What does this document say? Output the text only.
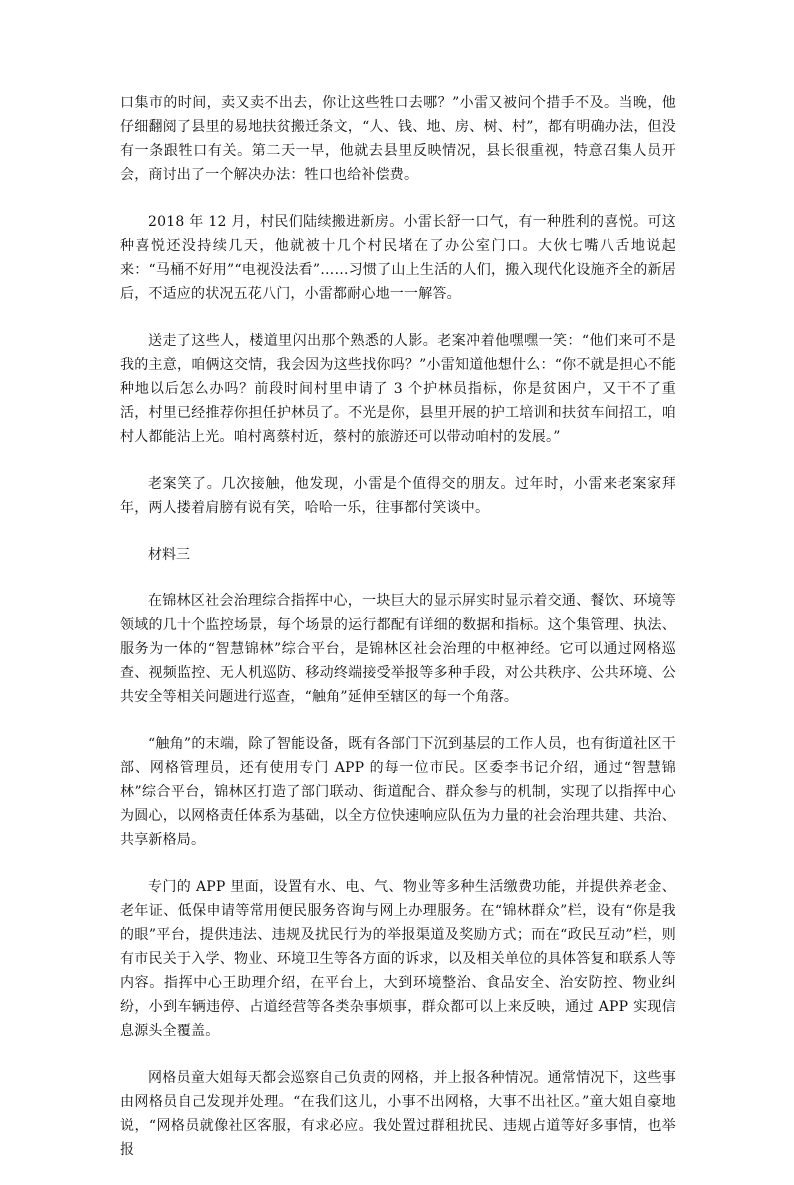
口集市的时间，卖又卖不出去，你让这些牲口去哪？”小雷又被问个措手不及。当晚，他仔细翻阅了县里的易地扶贫搬迁条文，“人、钱、地、房、树、村”，都有明确办法，但没有一条跟牲口有关。第二天一早，他就去县里反映情况，县长很重视，特意召集人员开会，商讨出了一个解决办法：牲口也给补偿费。

2018 年 12 月，村民们陆续搬进新房。小雷长舒一口气，有一种胜利的喜悦。可这种喜悦还没持续几天，他就被十几个村民堵在了办公室门口。大伙七嘴八舌地说起来：“马桶不好用”“电视没法看”……习惯了山上生活的人们，搬入现代化设施齐全的新居后，不适应的状况五花八门，小雷都耐心地一一解答。

送走了这些人，楼道里闪出那个熟悉的人影。老案冲着他嘿嘿一笑：“他们来可不是我的主意，咱俩这交情，我会因为这些找你吗？”小雷知道他想什么：“你不就是担心不能种地以后怎么办吗？前段时间村里申请了 3 个护林员指标，你是贫困户，又干不了重活，村里已经推荐你担任护林员了。不光是你，县里开展的护工培训和扶贫车间招工，咱村人都能沾上光。咱村离蔡村近，蔡村的旅游还可以带动咱村的发展。”

老案笑了。几次接触，他发现，小雷是个值得交的朋友。过年时，小雷来老案家拜年，两人搂着肩膀有说有笑，哈哈一乐，往事都付笑谈中。

材料三

在锦林区社会治理综合指挥中心，一块巨大的显示屏实时显示着交通、餐饮、环境等领域的几十个监控场景，每个场景的运行都配有详细的数据和指标。这个集管理、执法、服务为一体的“智慧锦林”综合平台，是锦林区社会治理的中枢神经。它可以通过网格巡查、视频监控、无人机巡防、移动终端接受举报等多种手段，对公共秩序、公共环境、公共安全等相关问题进行巡查，“触角”延伸至辖区的每一个角落。

“触角”的末端，除了智能设备，既有各部门下沉到基层的工作人员，也有街道社区干部、网格管理员，还有使用专门 APP 的每一位市民。区委李书记介绍，通过“智慧锦林”综合平台，锦林区打造了部门联动、街道配合、群众参与的机制，实现了以指挥中心为圆心，以网格责任体系为基础，以全方位快速响应队伍为力量的社会治理共建、共治、共享新格局。

专门的 APP 里面，设置有水、电、气、物业等多种生活缴费功能，并提供养老金、老年证、低保申请等常用便民服务咨询与网上办理服务。在“锦林群众”栏，设有“你是我的眼”平台，提供违法、违规及扰民行为的举报渠道及奖励方式；而在“政民互动”栏，则有市民关于入学、物业、环境卫生等各方面的诉求，以及相关单位的具体答复和联系人等内容。指挥中心王助理介绍，在平台上，大到环境整治、食品安全、治安防控、物业纠纷，小到车辆违停、占道经营等各类杂事烦事，群众都可以上来反映，通过 APP 实现信息源头全覆盖。

网格员童大姐每天都会巡察自己负责的网格，并上报各种情况。通常情况下，这些事由网格员自己发现并处理。“在我们这儿，小事不出网格，大事不出社区。”童大姐自豪地说，“网格员就像社区客服，有求必应。我处置过群租扰民、违规占道等好多事情，也举报
